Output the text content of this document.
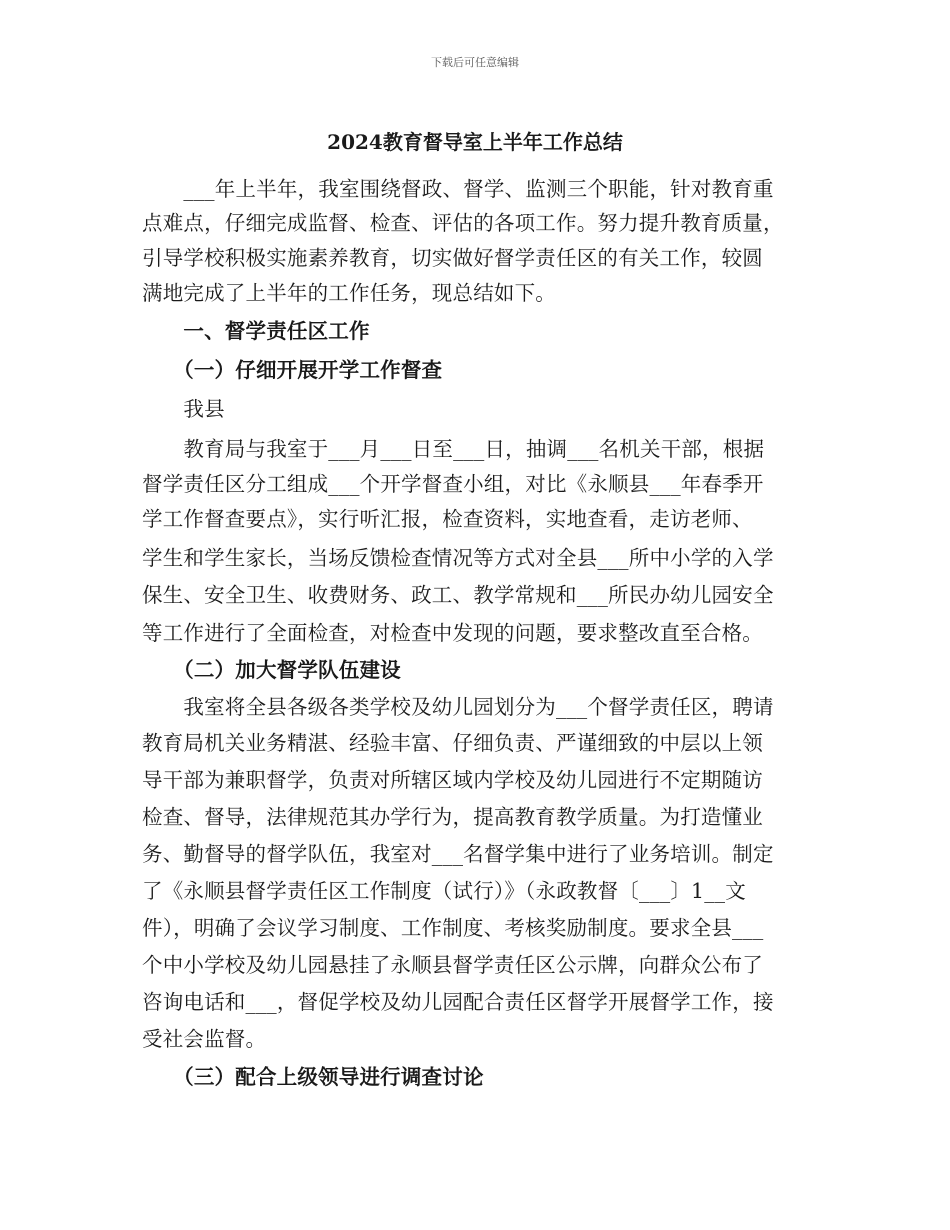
下载后可任意编辑
2024教育督导室上半年工作总结
　　___年上半年，我室围绕督政、督学、监测三个职能，针对教育重
点难点，仔细完成监督、检查、评估的各项工作。努力提升教育质量，
引导学校积极实施素养教育，切实做好督学责任区的有关工作，较圆
满地完成了上半年的工作任务，现总结如下。
　　一、督学责任区工作
　　（一）仔细开展开学工作督查
　　我县
　　教育局与我室于___月___日至___日，抽调___名机关干部，根据
督学责任区分工组成___个开学督查小组，对比《永顺县___年春季开
学工作督查要点》，实行听汇报，检查资料，实地查看，走访老师、
学生和学生家长，当场反馈检查情况等方式对全县___所中小学的入学
保生、安全卫生、收费财务、政工、教学常规和___所民办幼儿园安全
等工作进行了全面检查，对检查中发现的问题，要求整改直至合格。
　　（二）加大督学队伍建设
　　我室将全县各级各类学校及幼儿园划分为___个督学责任区，聘请
教育局机关业务精湛、经验丰富、仔细负责、严谨细致的中层以上领
导干部为兼职督学，负责对所辖区域内学校及幼儿园进行不定期随访
检查、督导，法律规范其办学行为，提高教育教学质量。为打造懂业
务、勤督导的督学队伍，我室对___名督学集中进行了业务培训。制定
了《永顺县督学责任区工作制度（试行）》（永政教督〔___〕1__文
件），明确了会议学习制度、工作制度、考核奖励制度。要求全县___
个中小学校及幼儿园悬挂了永顺县督学责任区公示牌，向群众公布了
咨询电话和___，督促学校及幼儿园配合责任区督学开展督学工作，接
受社会监督。
　　（三）配合上级领导进行调查讨论
